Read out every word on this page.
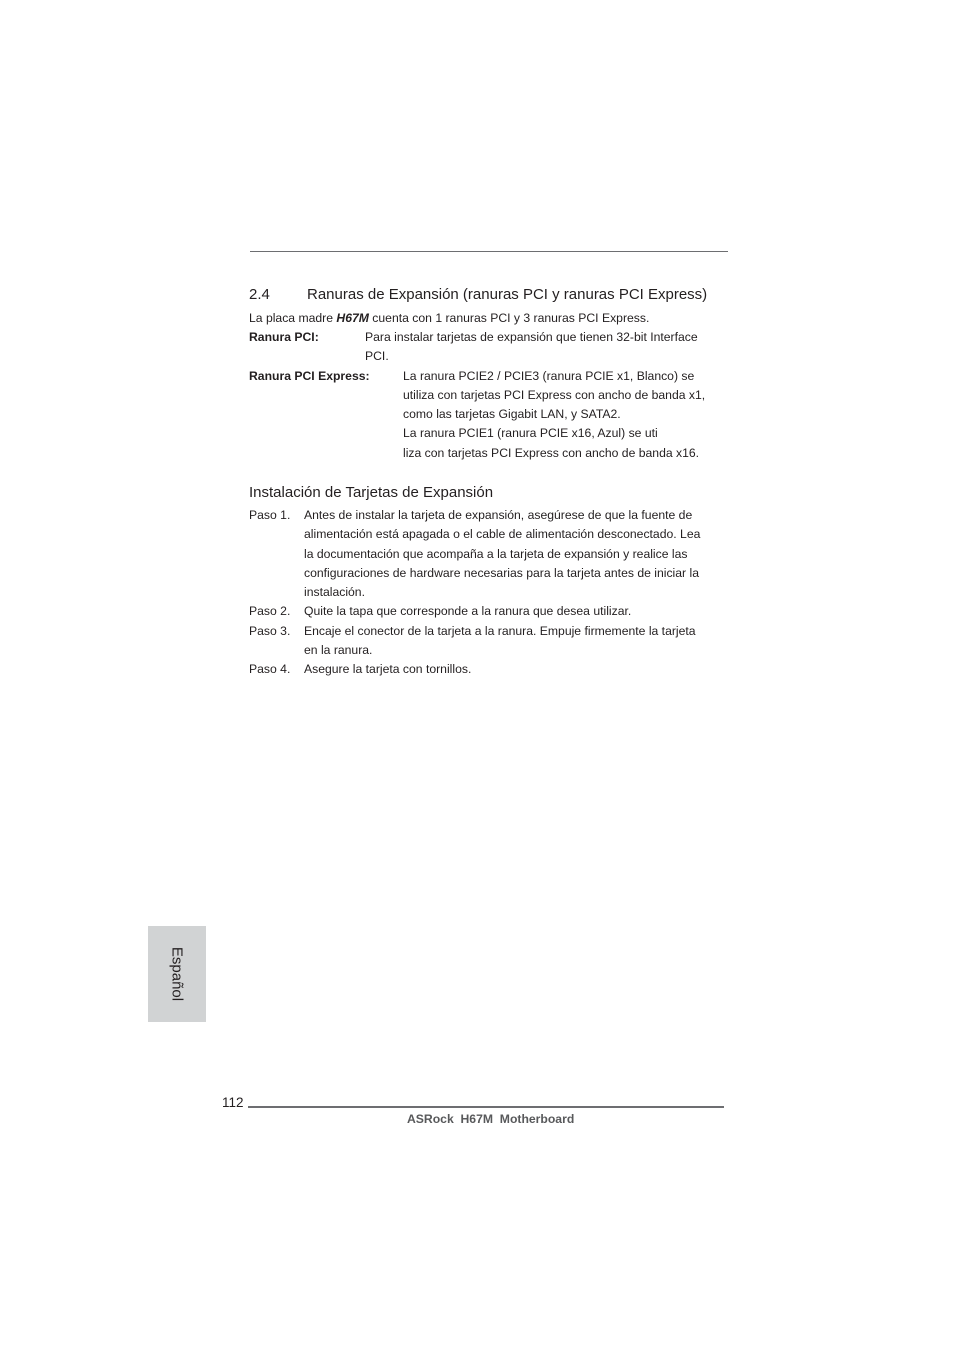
2.4 Ranuras de Expansión (ranuras PCI y ranuras PCI Express)
La placa madre H67M cuenta con 1 ranuras PCI y 3 ranuras PCI Express.
Ranura PCI:	Para instalar tarjetas de expansión que tienen 32-bit Interface
PCI.
Ranura PCI Express:	La ranura PCIE2 / PCIE3 (ranura PCIE x1, Blanco) se
utiliza con tarjetas PCI Express con ancho de banda x1,
como las tarjetas Gigabit LAN, y SATA2.
La ranura PCIE1 (ranura PCIE x16, Azul) se uti
liza con tarjetas PCI Express con ancho de banda x16.
Instalación de Tarjetas de Expansión
Paso 1. Antes de instalar la tarjeta de expansión, asegúrese de que la fuente de
alimentación está apagada o el cable de alimentación desconectado. Lea
la documentación que acompaña a la tarjeta de expansión y realice las
configuraciones de hardware necesarias para la tarjeta antes de iniciar la
instalación.
Paso 2. Quite la tapa que corresponde a la ranura que desea utilizar.
Paso 3. Encaje el conector de la tarjeta a la ranura. Empuje firmemente la tarjeta
en la ranura.
Paso 4. Asegure la tarjeta con tornillos.
Español
112
ASRock  H67M  Motherboard
